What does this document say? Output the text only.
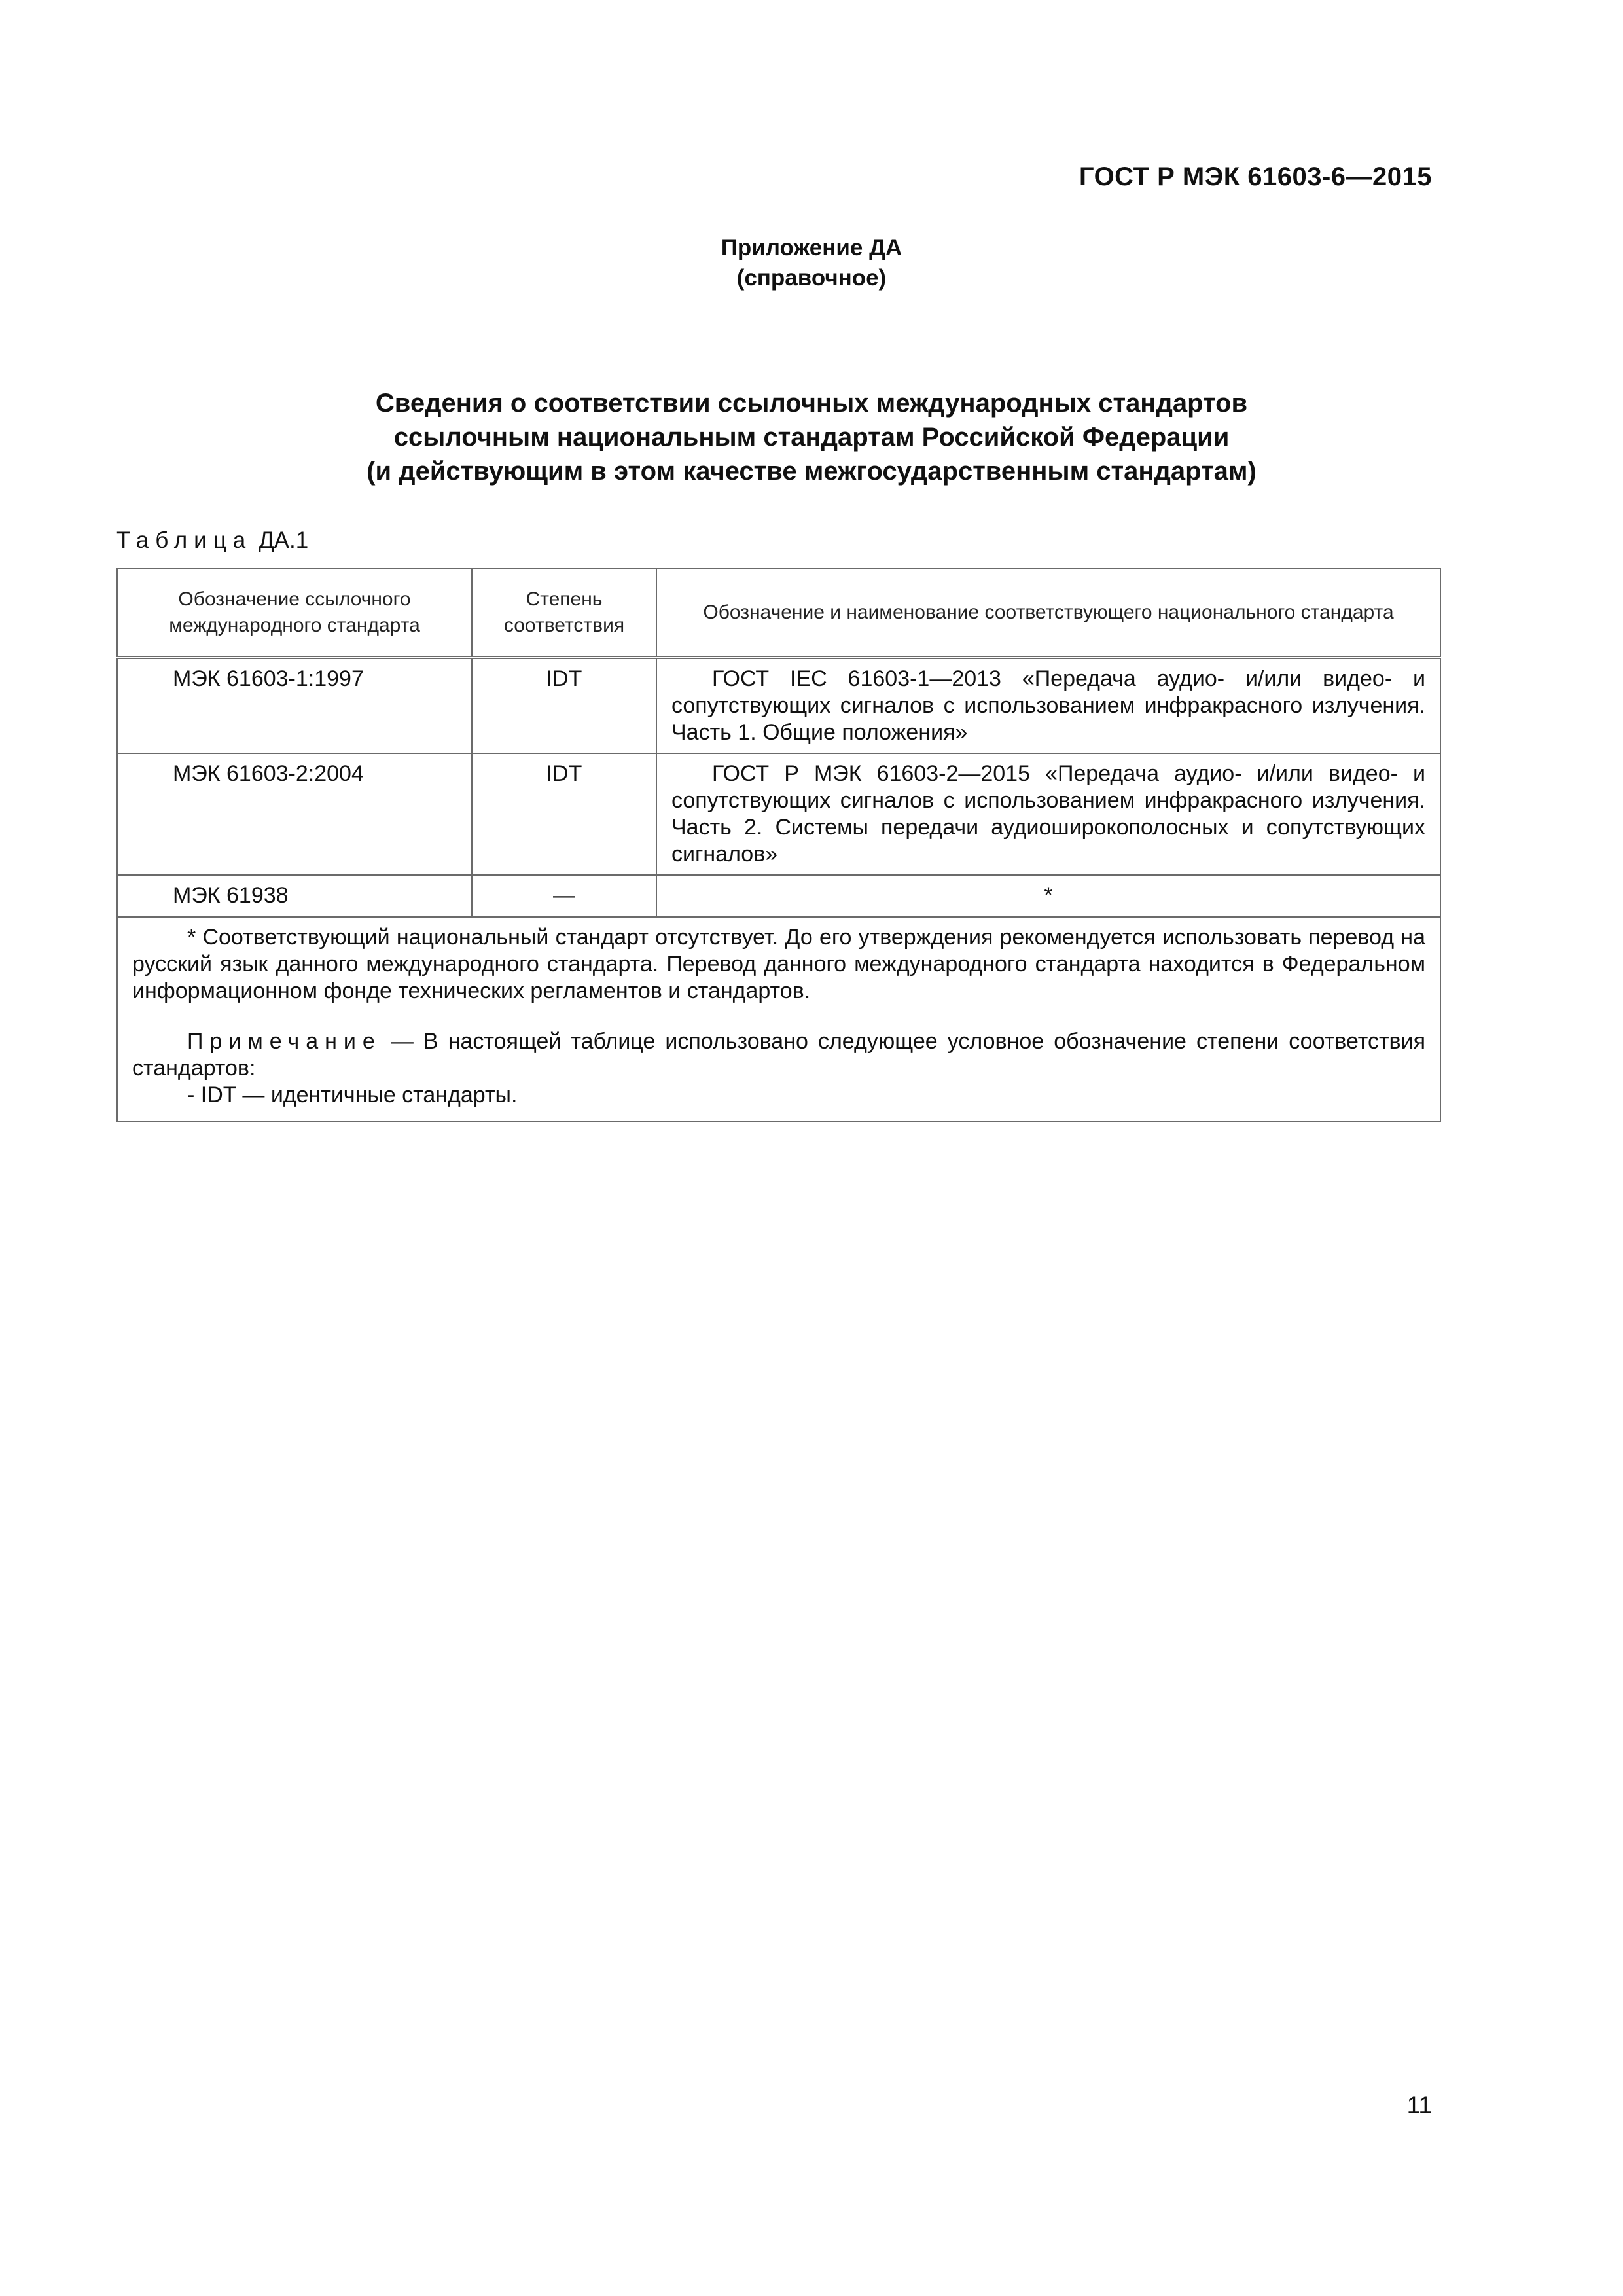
ГОСТ Р МЭК 61603-6—2015
Приложение ДА
(справочное)
Сведения о соответствии ссылочных международных стандартов
ссылочным национальным стандартам Российской Федерации
(и действующим в этом качестве межгосударственным стандартам)
Таблица ДА.1
Обозначение ссылочного международного стандарта	Степень соответствия	Обозначение и наименование соответствующего национального стандарта
МЭК 61603-1:1997	IDT	ГОСТ IEC 61603-1—2013 «Передача аудио- и/или видео- и сопутствующих сигналов с использованием инфракрасного излучения. Часть 1. Общие положения»
МЭК 61603-2:2004	IDT	ГОСТ Р МЭК 61603-2—2015 «Передача аудио- и/или видео- и сопутствующих сигналов с использованием инфракрасного излучения. Часть 2. Системы передачи аудиоширокополосных и сопутствующих сигналов»
МЭК 61938	—	*

* Соответствующий национальный стандарт отсутствует. До его утверждения рекомендуется использовать перевод на русский язык данного международного стандарта. Перевод данного международного стандарта находится в Федеральном информационном фонде технических регламентов и стандартов.

Примечание — В настоящей таблице использовано следующее условное обозначение степени соответствия стандартов:

- IDT — идентичные стандарты.		

11
